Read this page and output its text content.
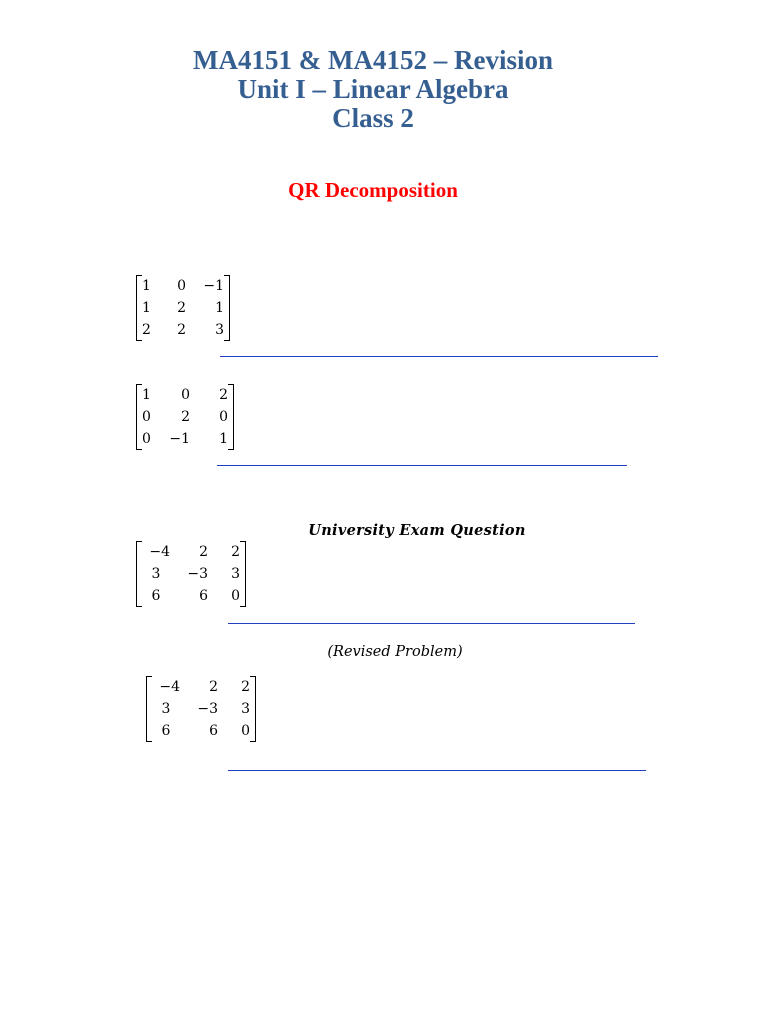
MA4151 & MA4152 – Revision

Unit I – Linear Algebra

Class 2

QR Decomposition
1	0	−1
1	2	1
2	2	3
1	0	2
0	2	0
0	−1	1
University Exam Question
−4	2	2
3	−3	3
6	6	0
(Revised Problem)
−4	2	2
3	−3	3
6	6	0
